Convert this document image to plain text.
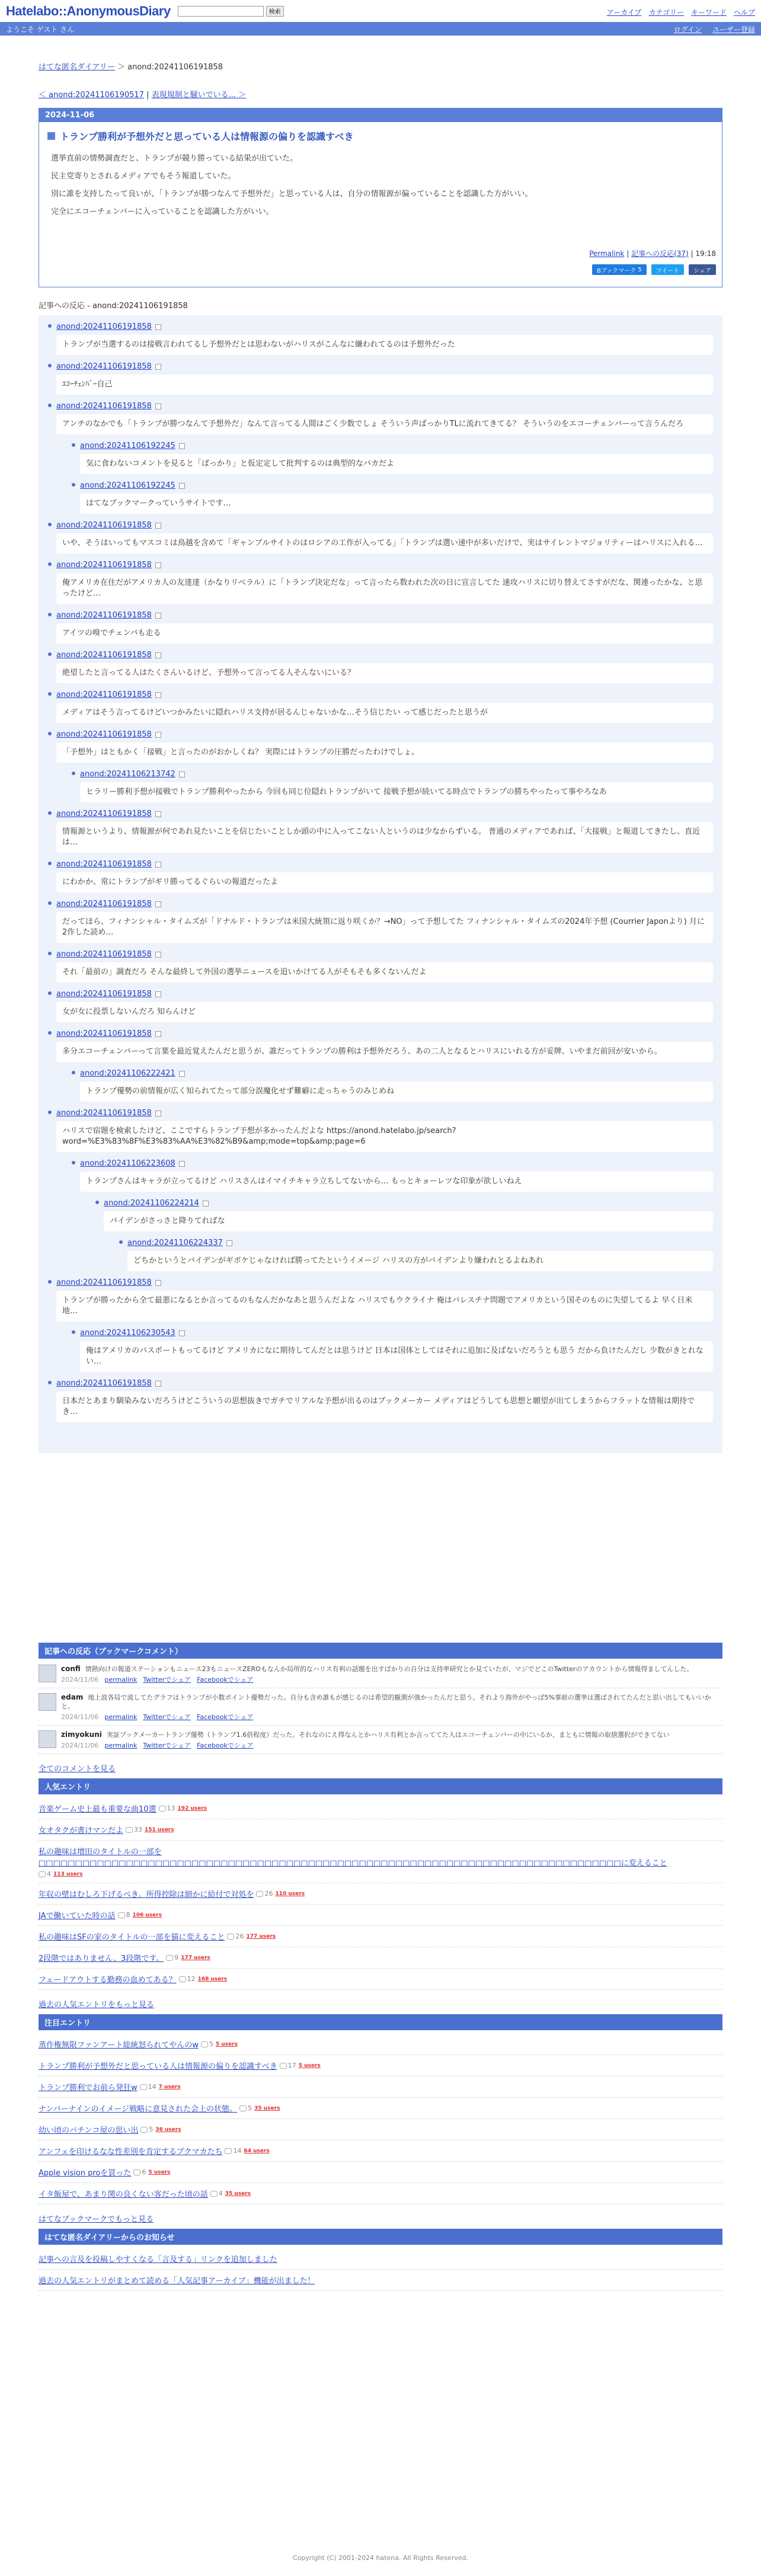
Hatelabo::AnonymousDiary	検索	アーカイブ カテゴリー キーワード ヘルプ
ようこそ ゲスト さん	ログイン ユーザー登録
はてな匿名ダイアリー ＞ anond:20241106191858
＜ anond:20241106190517 | 表現規制と騒いでいる... ＞
2024-11-06
トランプ勝利が予想外だと思っている人は情報源の偏りを認識すべき

選挙直前の情勢調査だと、トランプが競り勝っている結果が出ていた。

民主党寄りとされるメディアでもそう報道していた。

別に誰を支持したって良いが、「トランプが勝つなんて予想外だ」と思っている人は、自分の情報源が偏っていることを認識した方がいい。

完全にエコーチェンバーに入っていることを認識した方がいい。

Permalink | 記事への反応(37) | 19:18
Bブックマーク
5 ツイート シェア
記事への反応 - anond:20241106191858
anond:20241106191858
トランプが当選するのは接戦言われてるし予想外だとは思わないがハリスがこんなに嫌われてるのは予想外だった
anond:20241106191858
ｴｺｰﾁｪﾝﾊﾞｰ自己
anond:20241106191858
アンチのなかでも「トランプが勝つなんて予想外だ」なんて言ってる人間はごく少数でしょ そういう声ばっかりTLに流れてきてる？ そういうのをエコーチェンバーって言うんだろ
anond:20241106192245
気に食わないコメントを見ると「ばっかり」と仮定定して批判するのは典型的なバカだよ
anond:20241106192245
はてなブックマークっていうサイトです…
anond:20241106191858
いや、そうはいってもマスコミは鳥越を含めて「ギャンブルサイトのはロシアの工作が入ってる」「トランプは選い速中が多いだけで、実はサイレントマジョリティーはハリスに入れる…
anond:20241106191858
俺アメリカ在住だがアメリカ人の友達達（かなりリベラル）に「トランプ決定だな」って言ったら数われた次の日に宣言してた 速攻ハリスに切り替えてさすがだな、関連ったかな、と思ったけど…
anond:20241106191858
アイツの嗅でチェンバも走る
anond:20241106191858
絶望したと言ってる人はたくさんいるけど、予想外って言ってる人そんないにいる？
anond:20241106191858
メディアはそう言ってるけどいつかみたいに隠れハリス支持が居るんじゃないかな…そう信じたい って感じだったと思うが
anond:20241106191858
「予想外」はともかく「接戦」と言ったのがおかしくね？ 実際にはトランプの圧勝だったわけでしょ。
anond:20241106213742
ヒラリー勝利予想が接戦でトランプ勝利やったから 今回も同じ位隠れトランプがいて 接戦予想が続いてる時点でトランプの勝ちやったって事やろなあ
anond:20241106191858
情報源というより、情報源が何であれ見たいことを信じたいことしか頭の中に入ってこない人というのは少なからずいる。 普通のメディアであれば、「大接戦」と報道してきたし、直近は…
anond:20241106191858
にわかか、常にトランプがギリ勝ってるぐらいの報道だったよ
anond:20241106191858
だってほら、フィナンシャル・タイムズが「ドナルド・トランプは米国大統領に返り咲くか？→NO」って予想してた フィナンシャル・タイムズの2024年予想 (Courrier Japonより) 月に2作した読め…
anond:20241106191858
それ「最前の」調査だろ そんな最終して外国の選挙ニュースを追いかけてる人がそもそも多くないんだよ
anond:20241106191858
女が女に投票しないんだろ 知らんけど
anond:20241106191858
多分エコーチェンバーって言葉を最近覚えたんだと思うが、誰だってトランプの勝利は予想外だろう、あの二人となるとハリスにいれる方が妥牌、いやまだ前回が安いから。
anond:20241106222421
トランプ優勢の前情報が広く知られてたって部分誤魔化せず難癖に走っちゃうのみじめね
anond:20241106191858
ハリスで宿題を検索したけど、ここですらトランプ予想が多かったんだよな https://anond.hatelabo.jp/search?word=%E3%83%8F%E3%83%AA%E3%82%B9&amp;mode=top&amp;page=6
anond:20241106223608
トランプさんはキャラが立ってるけど ハリスさんはイマイチキャラ立ちしてないから… もっとキョーレツな印象が欲しいねえ
anond:20241106224214
バイデンがさっさと降りてればな
anond:20241106224337
どちかというとバイデンがギボケじゃなければ勝ってたというイメージ ハリスの方がバイデンより嫌われとるよねあれ
anond:20241106191858
トランプが勝ったから全て最悪になるとか言ってるのもなんだかなあと思うんだよな ハリスでもウクライナ 俺はパレスチナ問題でアメリカという国そのものに失望してるよ 早く日米地…
anond:20241106230543
俺はアメリカのパスポートもってるけど アメリカになに期待してんだとは思うけど 日本は国体としてはそれに追加に及ばないだろうとも思う だから負けたんだし 少数がきとれない…
anond:20241106191858
日本だとあまり馴染みないだろうけどこういうの思想抜きでガチでリアルな予想が出るのはブックメーカー メディアはどうしても思想と願望が出てしまうからフラットな情報は期待でき…
記事への反応（ブックマークコメント）
confi 情熱向けの報道ステーションもニュース23もニュースZEROもなんか局所的なハリス有利の話題を出すばかりの自分は支持率研究とか見ていたが、マジでどこのTwitterのアカウントから情報得ましてんした。
2024/11/06 permalink Twitterでシェア Facebookでシェア
edam 地上波各局で流してたグラフはトランプが小数ポイント優勢だった。自分も含め誰もが感じるのは希望的観測が強かったんだと思う。それより海外がやっぱ5%事前の選挙は選ばされてたんだと思い出してもいいかと。
2024/11/06 permalink Twitterでシェア Facebookでシェア
zimyokuni 実証ブックメーカートランプ優勢（トランプ1.6倍程度）だった。それなのにえ得なんとかハリス有利とか言っててた人はエコーチェンバーの中にいるか、まともに情報の取捨選択ができてない
2024/11/06 permalink Twitterでシェア Facebookでシェア
全てのコメントを見る
人気エントリ
音楽ゲーム史上最も重要な曲10選 13 192 users
女オタクが書けマンだよ 33 151 users
私の趣味は増田のタイトルの一部を□□□□□□□□□□□□□□□□□□□□□□□□□□□□□□□□□□□□□□□□□□□□□□□□□□□□□□□□□□□□□□□□□□□□□□□□□□□□□□□□に変えること
4 113 users
年収の壁はむしろ下げるべき。所得控除は細かに給付で対処を 26 110 users
JAで働いていた時の話 8 106 users
私の趣味はSFの家のタイトルの一部を猫に変えること 26 177 users
2段階ではありません、3段階です。 9 177 users
フェードアウトする勤務の血めてある？ 12 168 users
過去の人気エントリをもっと見る
注目エントリ
蒸作権無限ファンアート総統怒られてやんのw 5 5 users
トランプ勝利が予想外だと思っている人は情報源の偏りを認識すべき 17 5 users
トランプ勝利でお前ら発狂w 14 7 users
ナンバーナインのイメージ戦略に意見された会上の状態。 5 35 users
幼い頃のパチンコ屋の思い出 5 36 users
アンフェを印けるなな性差別を肯定するブクマカたち 14 64 users
Apple vision proを買った 6 5 users
イタ飯屋で、あまり関の良くない客だった頃の話 4 35 users
はてなブックマークでもっと見る
はてな匿名ダイアリーからのお知らせ
記事への言及を投稿しやすくなる「言及する」リンクを追加しました
過去の人気エントリがまとめて読める「人気記事アーカイブ」機能が出ました！
Copyright (C) 2001-2024 hatena. All Rights Reserved.
